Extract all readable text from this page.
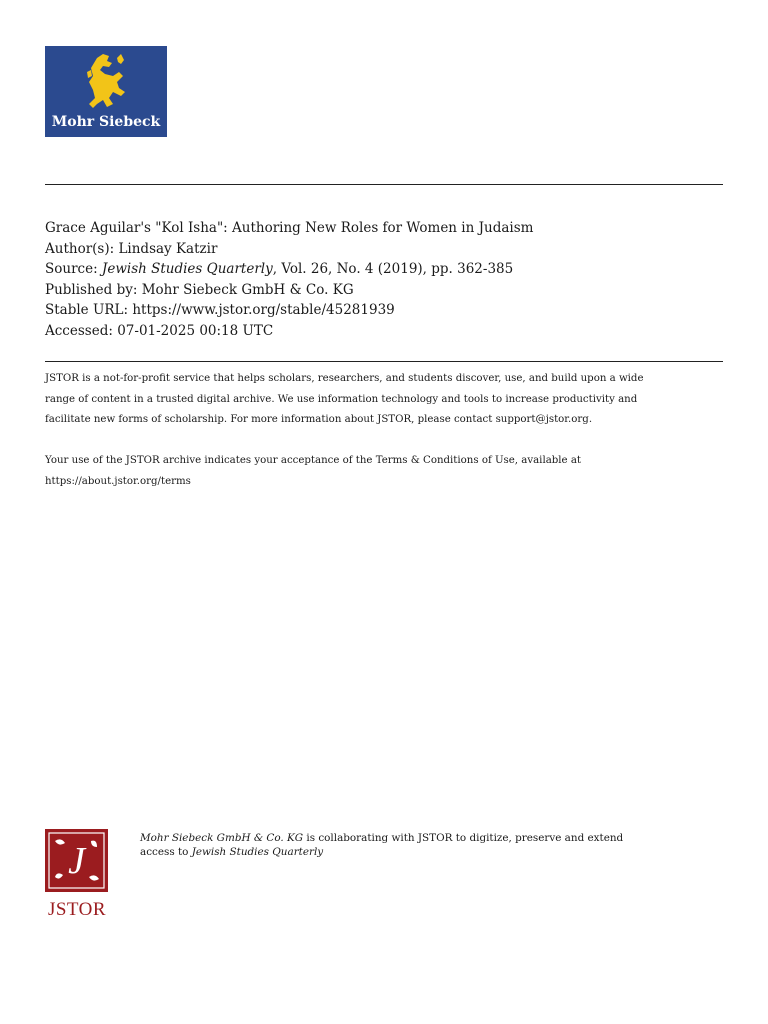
Mohr Siebeck
Grace Aguilar's "Kol Isha": Authoring New Roles for Women in Judaism
Author(s): Lindsay Katzir
Source: Jewish Studies Quarterly, Vol. 26, No. 4 (2019), pp. 362-385
Published by: Mohr Siebeck GmbH & Co. KG
Stable URL: https://www.jstor.org/stable/45281939
Accessed: 07-01-2025 00:18 UTC

JSTOR is a not-for-profit service that helps scholars, researchers, and students discover, use, and build upon a wide
range of content in a trusted digital archive. We use information technology and tools to increase productivity and
facilitate new forms of scholarship. For more information about JSTOR, please contact support@jstor.org.

Your use of the JSTOR archive indicates your acceptance of the Terms & Conditions of Use, available at
https://about.jstor.org/terms

J
JSTOR
Mohr Siebeck GmbH & Co. KG is collaborating with JSTOR to digitize, preserve and extend
access to Jewish Studies Quarterly
